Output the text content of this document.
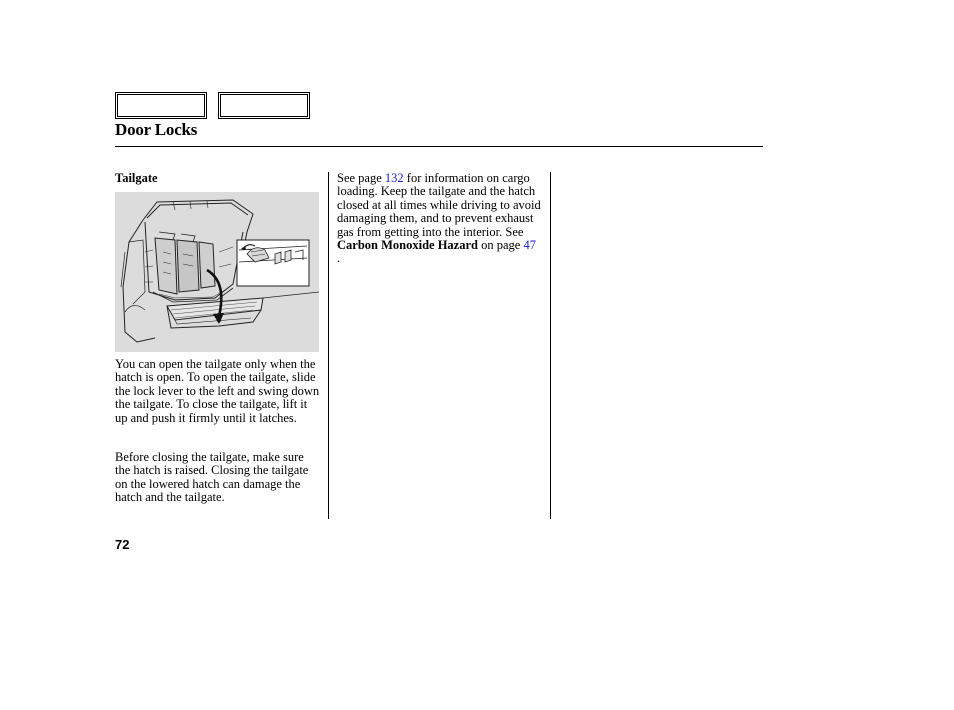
Door Locks
Tailgate

You can open the tailgate only when the hatch is open. To open the tailgate, slide the lock lever to the left and swing down the tailgate. To close the tailgate, lift it up and push it firmly until it latches.

Before closing the tailgate, make sure the hatch is raised. Closing the tailgate on the lowered hatch can damage the hatch and the tailgate.

See page 132 for information on cargo loading. Keep the tailgate and the hatch closed at all times while driving to avoid damaging them, and to prevent exhaust gas from getting into the interior. See Carbon Monoxide Hazard on page 47 .

72
